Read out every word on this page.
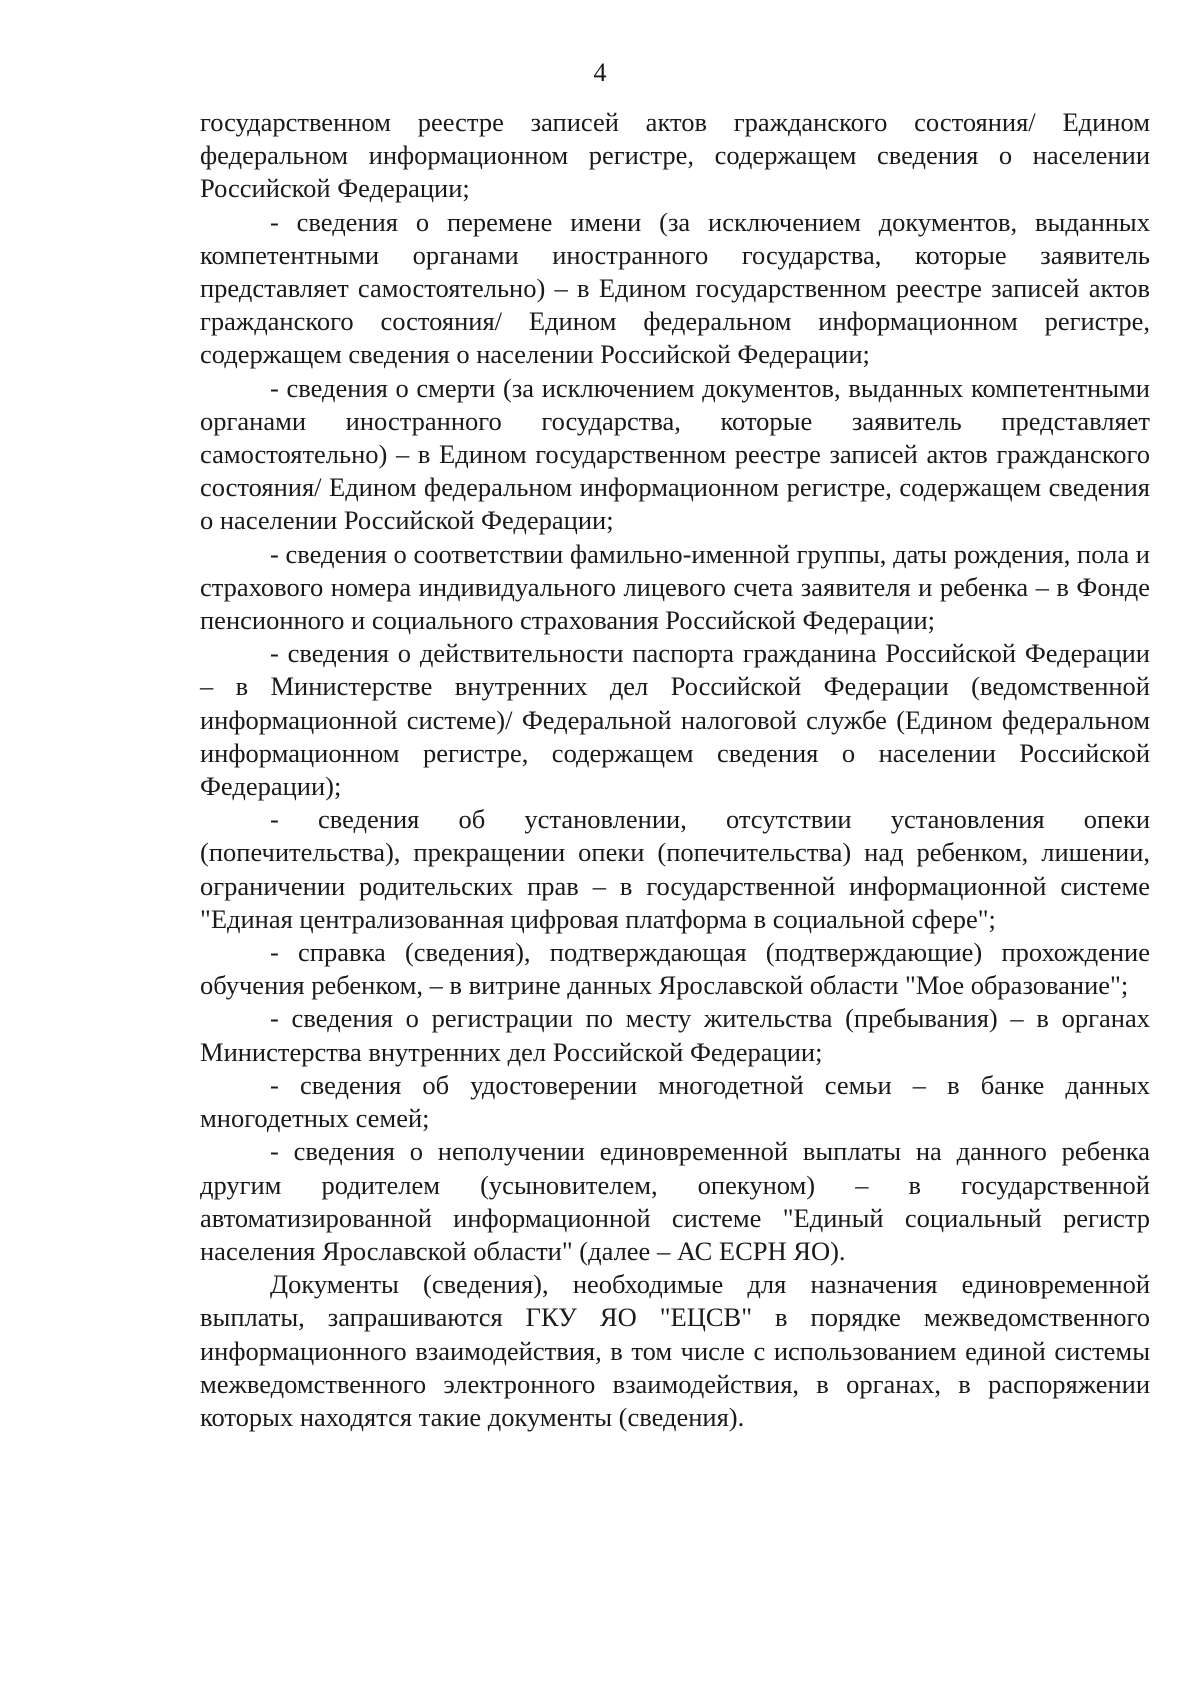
4

государственном реестре записей актов гражданского состояния/ Едином федеральном информационном регистре, содержащем сведения о населении Российской Федерации;

- сведения о перемене имени (за исключением документов, выданных компетентными органами иностранного государства, которые заявитель представляет самостоятельно) – в Едином государственном реестре записей актов гражданского состояния/ Едином федеральном информационном регистре, содержащем сведения о населении Российской Федерации;

- сведения о смерти (за исключением документов, выданных компетентными органами иностранного государства, которые заявитель представляет самостоятельно) – в Едином государственном реестре записей актов гражданского состояния/ Едином федеральном информационном регистре, содержащем сведения о населении Российской Федерации;

- сведения о соответствии фамильно-именной группы, даты рождения, пола и страхового номера индивидуального лицевого счета заявителя и ребенка – в Фонде пенсионного и социального страхования Российской Федерации;

- сведения о действительности паспорта гражданина Российской Федерации – в Министерстве внутренних дел Российской Федерации (ведомственной информационной системе)/ Федеральной налоговой службе (Едином федеральном информационном регистре, содержащем сведения о населении Российской Федерации);

- сведения об установлении, отсутствии установления опеки (попечительства), прекращении опеки (попечительства) над ребенком, лишении, ограничении родительских прав – в государственной информационной системе "Единая централизованная цифровая платформа в социальной сфере";

- справка (сведения), подтверждающая (подтверждающие) прохождение обучения ребенком, – в витрине данных Ярославской области "Мое образование";

- сведения о регистрации по месту жительства (пребывания) – в органах Министерства внутренних дел Российской Федерации;

- сведения об удостоверении многодетной семьи – в банке данных многодетных семей;

- сведения о неполучении единовременной выплаты на данного ребенка другим родителем (усыновителем, опекуном) – в государственной автоматизированной информационной системе "Единый социальный регистр населения Ярославской области" (далее – АС ЕСРН ЯО).

Документы (сведения), необходимые для назначения единовременной выплаты, запрашиваются ГКУ ЯО "ЕЦСВ" в порядке межведомственного информационного взаимодействия, в том числе с использованием единой системы межведомственного электронного взаимодействия, в органах, в распоряжении которых находятся такие документы (сведения).
